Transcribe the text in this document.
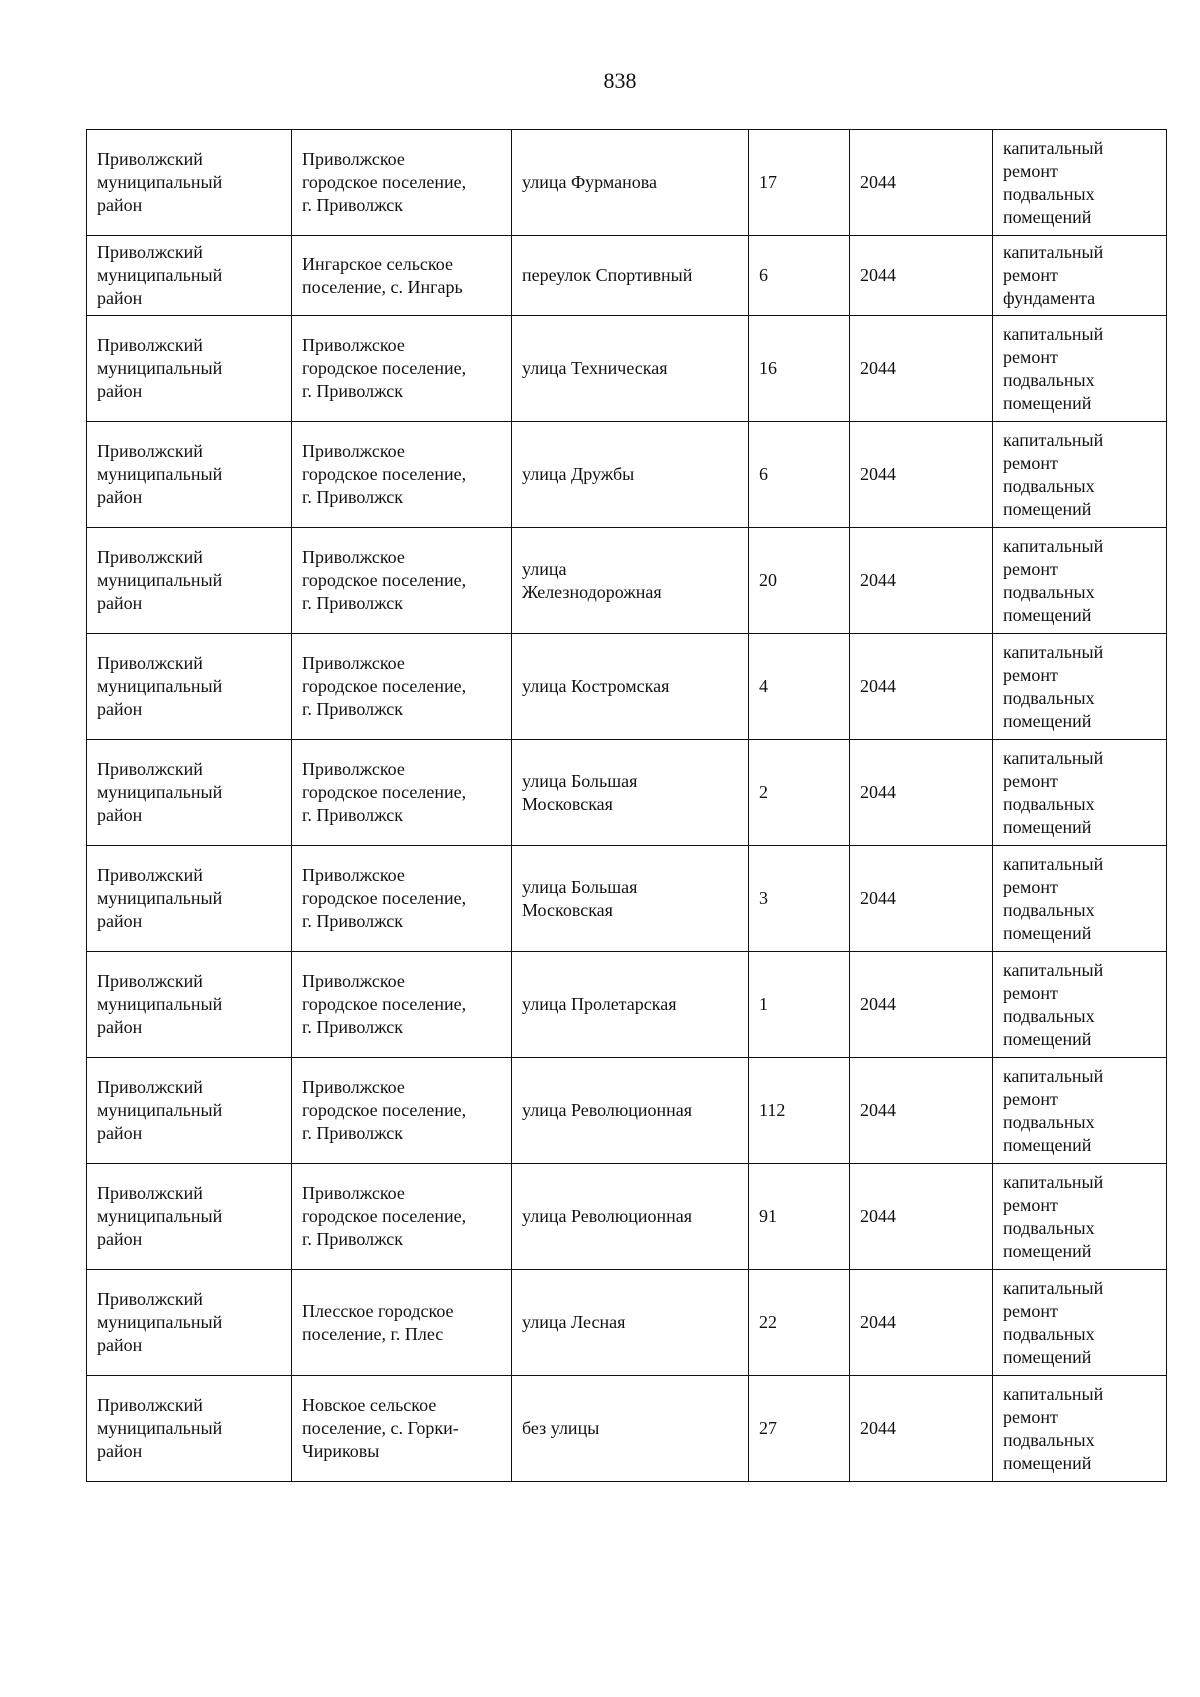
838
Приволжский
муниципальный
район	Приволжское
городское поселение,
г. Приволжск	улица Фурманова	17	2044	капитальный
ремонт
подвальных
помещений
Приволжский
муниципальный
район	Ингарское сельское
поселение, с. Ингарь	переулок Спортивный	6	2044	капитальный
ремонт
фундамента
Приволжский
муниципальный
район	Приволжское
городское поселение,
г. Приволжск	улица Техническая	16	2044	капитальный
ремонт
подвальных
помещений
Приволжский
муниципальный
район	Приволжское
городское поселение,
г. Приволжск	улица Дружбы	6	2044	капитальный
ремонт
подвальных
помещений
Приволжский
муниципальный
район	Приволжское
городское поселение,
г. Приволжск	улица
Железнодорожная	20	2044	капитальный
ремонт
подвальных
помещений
Приволжский
муниципальный
район	Приволжское
городское поселение,
г. Приволжск	улица Костромская	4	2044	капитальный
ремонт
подвальных
помещений
Приволжский
муниципальный
район	Приволжское
городское поселение,
г. Приволжск	улица Большая
Московская	2	2044	капитальный
ремонт
подвальных
помещений
Приволжский
муниципальный
район	Приволжское
городское поселение,
г. Приволжск	улица Большая
Московская	3	2044	капитальный
ремонт
подвальных
помещений
Приволжский
муниципальный
район	Приволжское
городское поселение,
г. Приволжск	улица Пролетарская	1	2044	капитальный
ремонт
подвальных
помещений
Приволжский
муниципальный
район	Приволжское
городское поселение,
г. Приволжск	улица Революционная	112	2044	капитальный
ремонт
подвальных
помещений
Приволжский
муниципальный
район	Приволжское
городское поселение,
г. Приволжск	улица Революционная	91	2044	капитальный
ремонт
подвальных
помещений
Приволжский
муниципальный
район	Плесское городское
поселение, г. Плес	улица Лесная	22	2044	капитальный
ремонт
подвальных
помещений
Приволжский
муниципальный
район	Новское сельское
поселение, с. Горки-
Чириковы	без улицы	27	2044	капитальный
ремонт
подвальных
помещений
